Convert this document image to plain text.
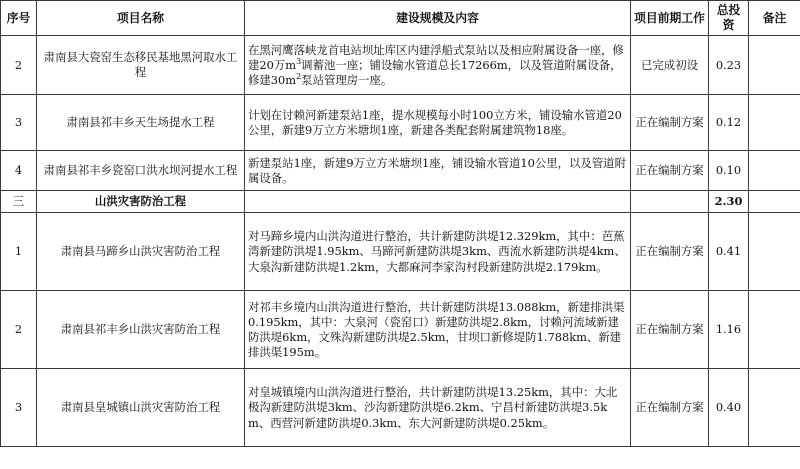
序号	项目名称	建设规模及内容	项目前期工作	总投资	备注
2	肃南县大瓷窑生态移民基地黑河取水工程	在黑河鹰落峡龙首电站坝址库区内建浮船式泵站以及相应附属设备一座，修建20万$m^3$调蓄池一座；铺设输水管道总长17266m，以及管道附属设备，修建$30m^2$泵站管理房一座。	已完成初设	0.23	
3	肃南县祁丰乡天生场提水工程	计划在讨赖河新建泵站1座，提水规模每小时100立方米，铺设输水管道20公里，新建9万立方米塘坝1座，新建各类配套附属建筑物18座。	正在编制方案	0.12	
4	肃南县祁丰乡瓷窑口洪水坝河提水工程	新建泵站1座，新建9万立方米塘坝1座，铺设输水管道10公里，以及管道附属设备。	正在编制方案	0.10	
三	山洪灾害防治工程			2.30	
1	肃南县马蹄乡山洪灾害防治工程	对马蹄乡境内山洪沟道进行整治，共计新建防洪堤12.329km，其中：芭蕉湾新建防洪堤1.95km、马蹄河新建防洪堤3km、西流水新建防洪堤4km、大泉沟新建防洪堤1.2km，大都麻河李家沟村段新建防洪堤2.179km。	正在编制方案	0.41	
2	肃南县祁丰乡山洪灾害防治工程	对祁丰乡境内山洪沟道进行整治，共计新建防洪堤13.088km，新建排洪渠0.195km，其中：大泉河（瓷窑口）新建防洪堤2.8km，讨赖河流域新建防洪堤6km，文殊沟新建防洪堤2.5km，甘坝口新修堤防1.788km、新建排洪渠195m。	正在编制方案	1.16	
3	肃南县皇城镇山洪灾害防治工程	对皇城镇境内山洪沟道进行整治，共计新建防洪堤13.25km，其中：大北极沟新建防洪堤3km、沙沟新建防洪堤6.2km、宁昌村新建防洪堤3.5km、西营河新建防洪堤0.3km、东大河新建防洪堤0.25km。	正在编制方案	0.40	
